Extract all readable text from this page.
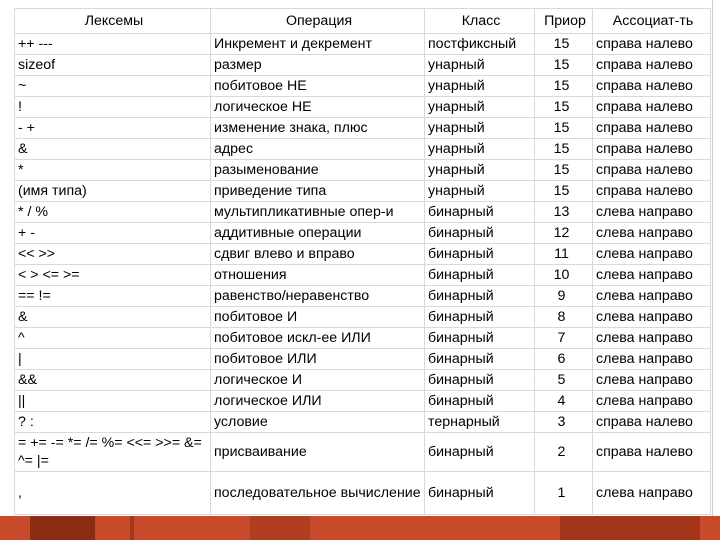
Лексемы	Операция	Класс	Приор	Ассоциат-ть
++ ---	Инкремент и декремент	постфиксный	15	справа налево
sizeof	размер	унарный	15	справа налево
~	побитовое НЕ	унарный	15	справа налево
!	логическое НЕ	унарный	15	справа налево
- +	изменение знака, плюс	унарный	15	справа налево
&	адрес	унарный	15	справа налево
*	разыменование	унарный	15	справа налево
(имя типа)	приведение типа	унарный	15	справа налево
* / %	мультипликативные опер-и	бинарный	13	слева направо
+ -	аддитивные операции	бинарный	12	слева направо
<< >>	сдвиг влево и вправо	бинарный	11	слева направо
< > <= >=	отношения	бинарный	10	слева направо
== !=	равенство/неравенство	бинарный	9	слева направо
&	побитовое И	бинарный	8	слева направо
^	побитовое искл-ее ИЛИ	бинарный	7	слева направо
|	побитовое ИЛИ	бинарный	6	слева направо
&&	логическое И	бинарный	5	слева направо
||	логическое ИЛИ	бинарный	4	слева направо
? :	условие	тернарный	3	справа налево

= += -= *= /= %= <<= >>= &= ^= |=	присваивание	бинарный	2	справа налево
,	последовательное вычисление	бинарный	1	слева направо
